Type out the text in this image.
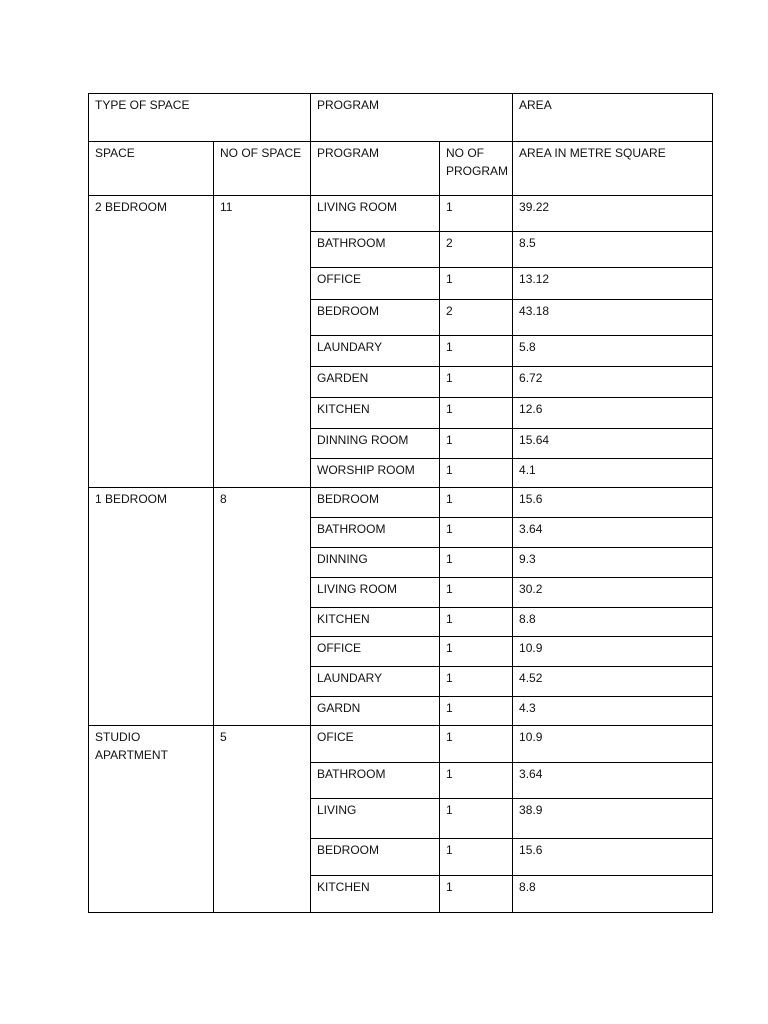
TYPE OF SPACE		PROGRAM		AREA
SPACE	NO OF SPACE	PROGRAM	NO OF PROGRAM	AREA IN METRE SQUARE
2 BEDROOM	11	LIVING ROOM	1	39.22
		BATHROOM	2	8.5
		OFFICE	1	13.12
		BEDROOM	2	43.18
		LAUNDARY	1	5.8
		GARDEN	1	6.72
		KITCHEN	1	12.6
		DINNING ROOM	1	15.64
		WORSHIP ROOM	1	4.1
1 BEDROOM	8	BEDROOM	1	15.6
		BATHROOM	1	3.64
		DINNING	1	9.3
		LIVING ROOM	1	30.2
		KITCHEN	1	8.8
		OFFICE	1	10.9
		LAUNDARY	1	4.52
		GARDN	1	4.3
STUDIO APARTMENT	5	OFICE	1	10.9
		BATHROOM	1	3.64
		LIVING	1	38.9
		BEDROOM	1	15.6
		KITCHEN	1	8.8
